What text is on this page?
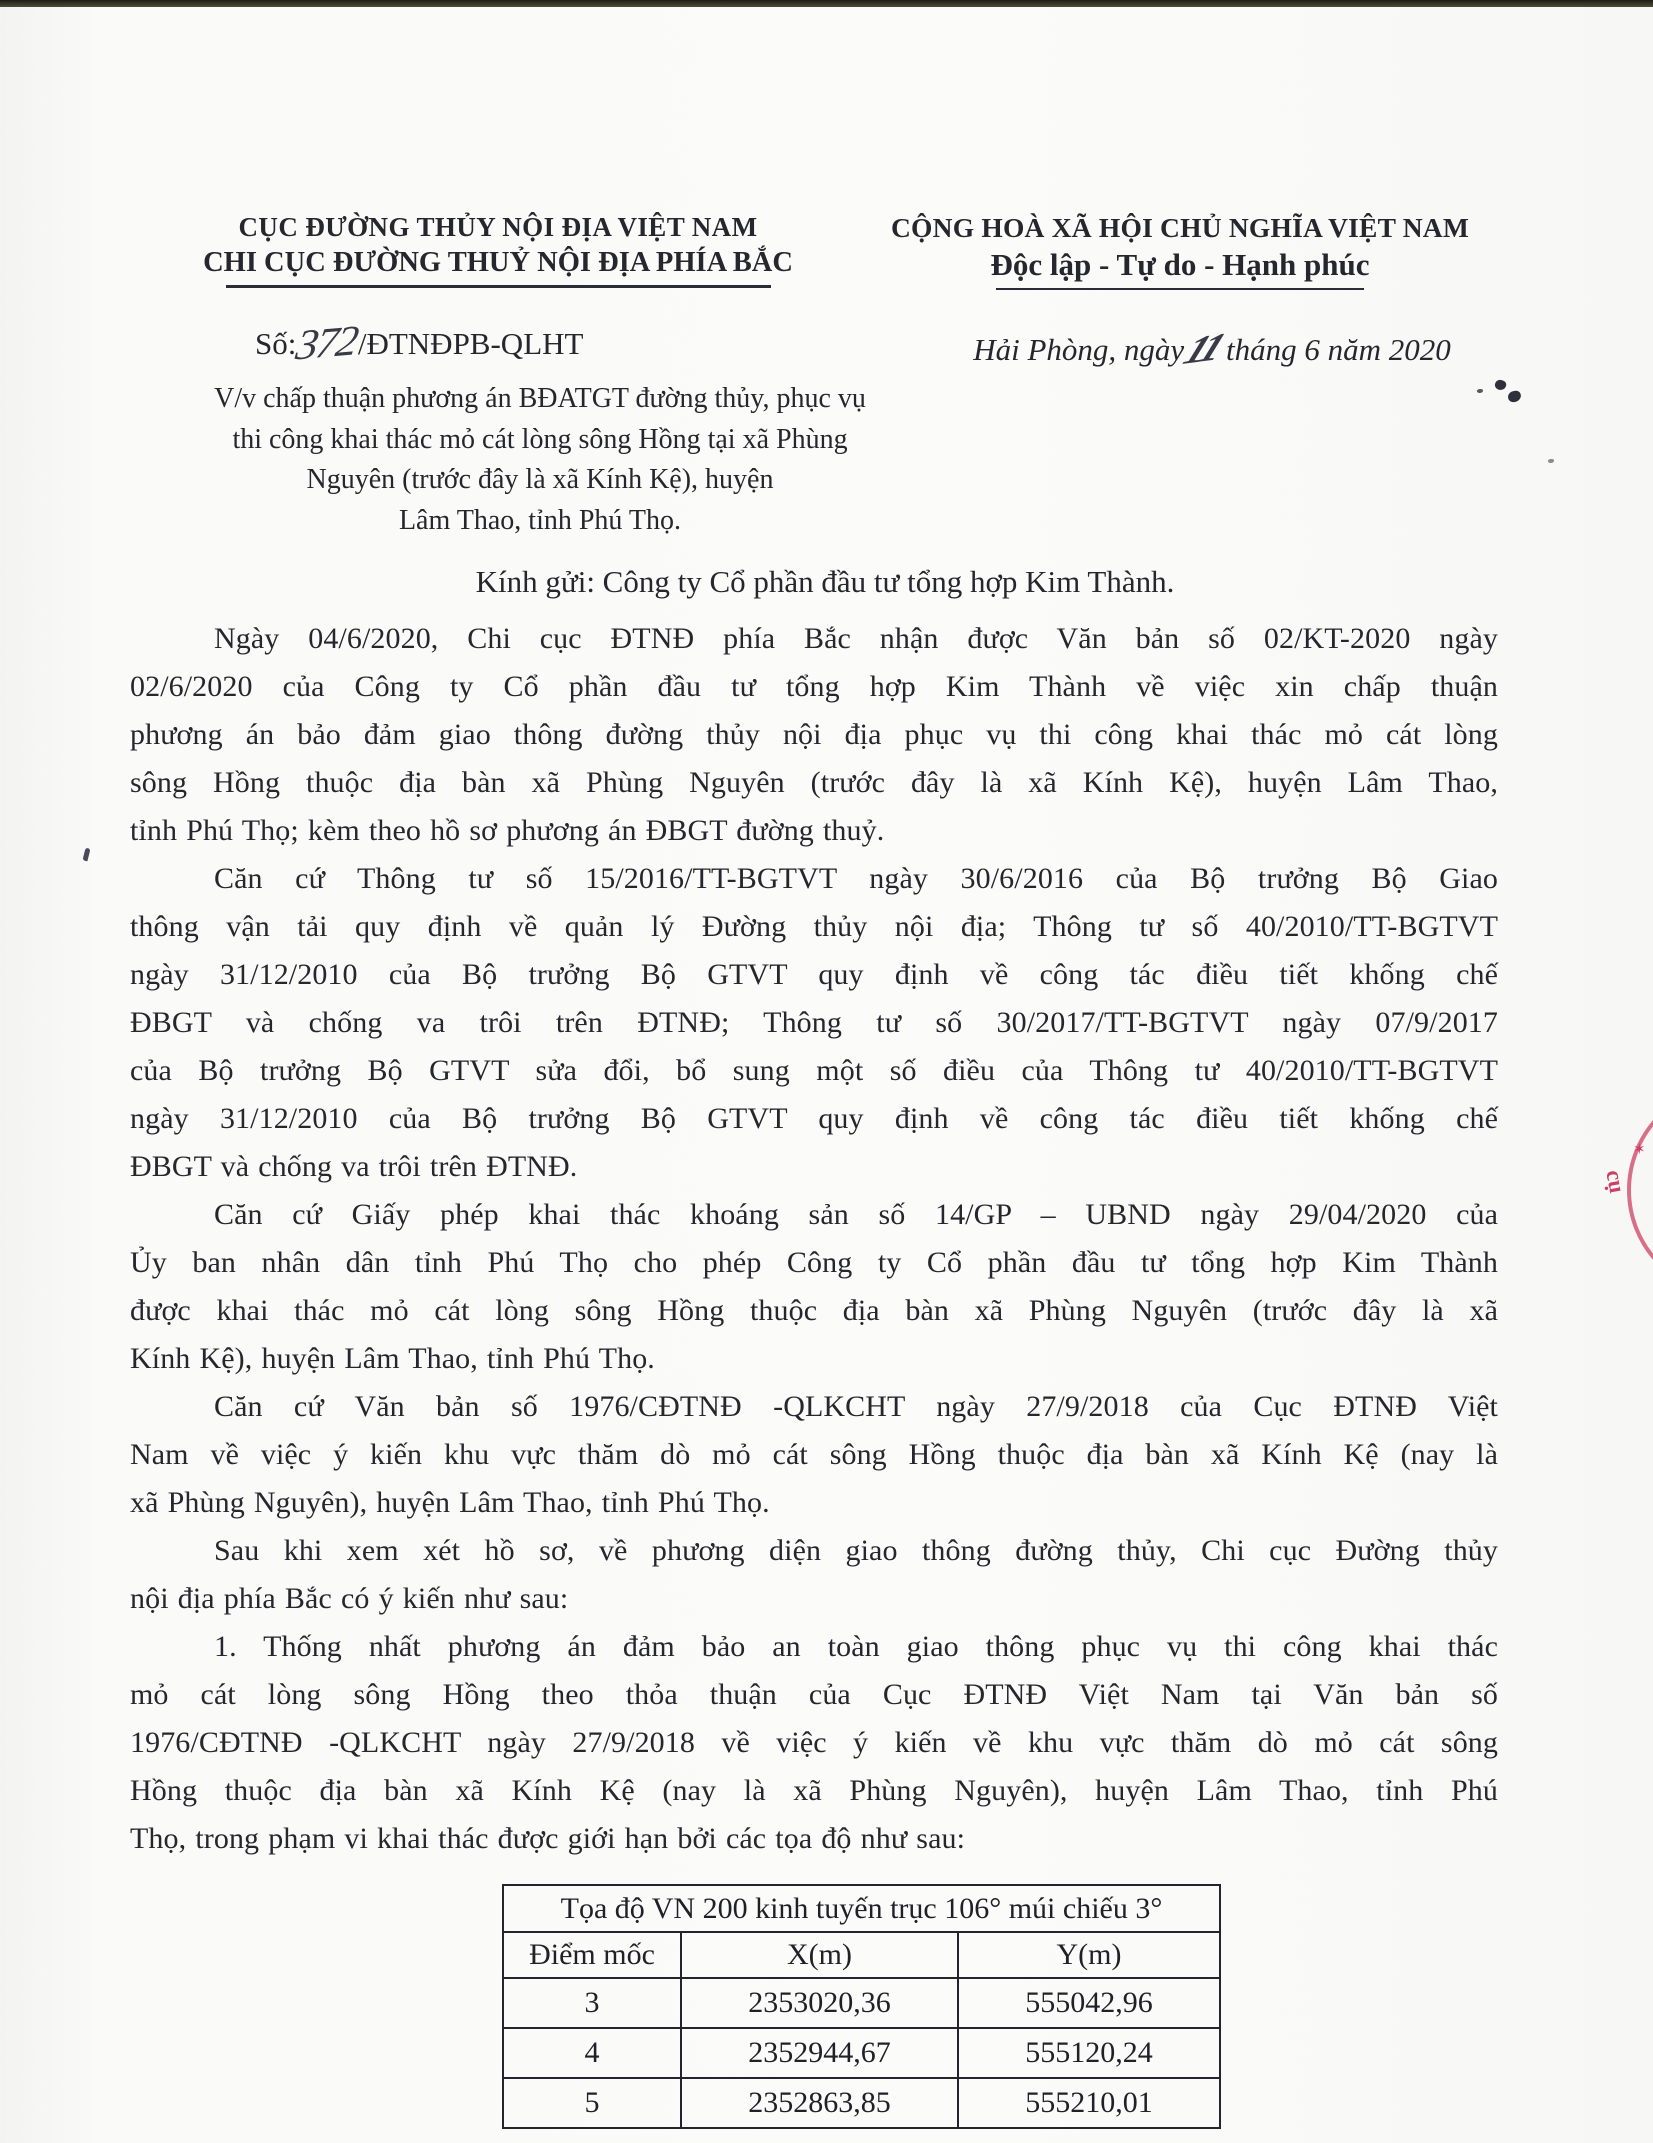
CỤC ĐƯỜNG THỦY NỘI ĐỊA VIỆT NAM
CHI CỤC ĐƯỜNG THUỶ NỘI ĐỊA PHÍA BẮC
Số:372/ĐTNĐPB-QLHT
CỘNG HOÀ XÃ HỘI CHỦ NGHĨA VIỆT NAM
Độc lập - Tự do - Hạnh phúc
Hải Phòng, ngày11tháng 6 năm 2020
V/v chấp thuận phương án BĐATGT đường thủy, phục vụ
thi công khai thác mỏ cát lòng sông Hồng tại xã Phùng
Nguyên (trước đây là xã Kính Kệ), huyện
Lâm Thao, tỉnh Phú Thọ.
Kính gửi: Công ty Cổ phần đầu tư tổng hợp Kim Thành.
Ngày 04/6/2020, Chi cục ĐTNĐ phía Bắc nhận được Văn bản số 02/KT-2020 ngày
02/6/2020 của Công ty Cổ phần đầu tư tổng hợp Kim Thành về việc xin chấp thuận
phương án bảo đảm giao thông đường thủy nội địa phục vụ thi công khai thác mỏ cát lòng
sông Hồng thuộc địa bàn xã Phùng Nguyên (trước đây là xã Kính Kệ), huyện Lâm Thao,
tỉnh Phú Thọ; kèm theo hồ sơ phương án ĐBGT đường thuỷ.
Căn cứ Thông tư số 15/2016/TT-BGTVT ngày 30/6/2016 của Bộ trưởng Bộ Giao
thông vận tải quy định về quản lý Đường thủy nội địa; Thông tư số 40/2010/TT-BGTVT
ngày 31/12/2010 của Bộ trưởng Bộ GTVT quy định về công tác điều tiết khống chế
ĐBGT và chống va trôi trên ĐTNĐ; Thông tư số 30/2017/TT-BGTVT ngày 07/9/2017
của Bộ trưởng Bộ GTVT sửa đổi, bổ sung một số điều của Thông tư 40/2010/TT-BGTVT
ngày 31/12/2010 của Bộ trưởng Bộ GTVT quy định về công tác điều tiết khống chế
ĐBGT và chống va trôi trên ĐTNĐ.
Căn cứ Giấy phép khai thác khoáng sản số 14/GP – UBND ngày 29/04/2020 của
Ủy ban nhân dân tỉnh Phú Thọ cho phép Công ty Cổ phần đầu tư tổng hợp Kim Thành
được khai thác mỏ cát lòng sông Hồng thuộc địa bàn xã Phùng Nguyên (trước đây là xã
Kính Kệ), huyện Lâm Thao, tỉnh Phú Thọ.
Căn cứ Văn bản số 1976/CĐTNĐ -QLKCHT ngày 27/9/2018 của Cục ĐTNĐ Việt
Nam về việc ý kiến khu vực thăm dò mỏ cát sông Hồng thuộc địa bàn xã Kính Kệ (nay là
xã Phùng Nguyên), huyện Lâm Thao, tỉnh Phú Thọ.
Sau khi xem xét hồ sơ, về phương diện giao thông đường thủy, Chi cục Đường thủy
nội địa phía Bắc có ý kiến như sau:
1. Thống nhất phương án đảm bảo an toàn giao thông phục vụ thi công khai thác
mỏ cát lòng sông Hồng theo thỏa thuận của Cục ĐTNĐ Việt Nam tại Văn bản số
1976/CĐTNĐ -QLKCHT ngày 27/9/2018 về việc ý kiến về khu vực thăm dò mỏ cát sông
Hồng thuộc địa bàn xã Kính Kệ (nay là xã Phùng Nguyên), huyện Lâm Thao, tỉnh Phú
Thọ, trong phạm vi khai thác được giới hạn bởi các tọa độ như sau:
Tọa độ VN 200 kinh tuyến trục 106° múi chiếu 3°		
Điểm mốc	X(m)	Y(m)
3	2353020,36	555042,96
4	2352944,67	555120,24
5	2352863,85	555210,01
✶
cụ
